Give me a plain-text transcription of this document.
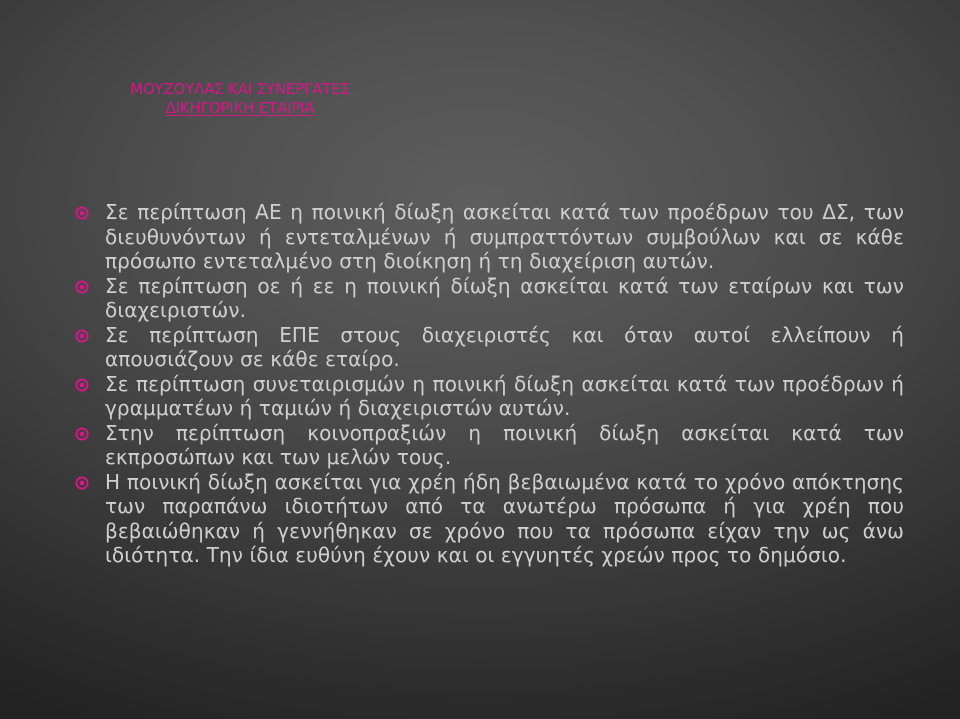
ΜΟΥΖΟΥΛΑΣ ΚΑΙ ΣΥΝΕΡΓΑΤΕΣ
ΔΙΚΗΓΟΡΙΚΗ ΕΤΑΙΡΙΑ
Σε περίπτωση ΑΕ η ποινική δίωξη ασκείται κατά των προέδρων του ΔΣ, των διευθυνόντων ή εντεταλμένων ή συμπραττόντων συμβούλων και σε κάθε πρόσωπο εντεταλμένο στη διοίκηση ή τη διαχείριση αυτών.
Σε περίπτωση οε ή εε η ποινική δίωξη ασκείται κατά των εταίρων και των διαχειριστών.
Σε περίπτωση ΕΠΕ στους διαχειριστές και όταν αυτοί ελλείπουν ή απουσιάζουν σε κάθε εταίρο.
Σε περίπτωση συνεταιρισμών η ποινική δίωξη ασκείται κατά των προέδρων ή γραμματέων ή ταμιών ή διαχειριστών αυτών.
Στην περίπτωση κοινοπραξιών η ποινική δίωξη ασκείται κατά των εκπροσώπων και των μελών τους.
Η ποινική δίωξη ασκείται για χρέη ήδη βεβαιωμένα κατά το χρόνο απόκτησης των παραπάνω ιδιοτήτων από τα ανωτέρω πρόσωπα ή για χρέη που βεβαιώθηκαν ή γεννήθηκαν σε χρόνο που τα πρόσωπα είχαν την ως άνω ιδιότητα. Την ίδια ευθύνη έχουν και οι εγγυητές χρεών προς το δημόσιο.
